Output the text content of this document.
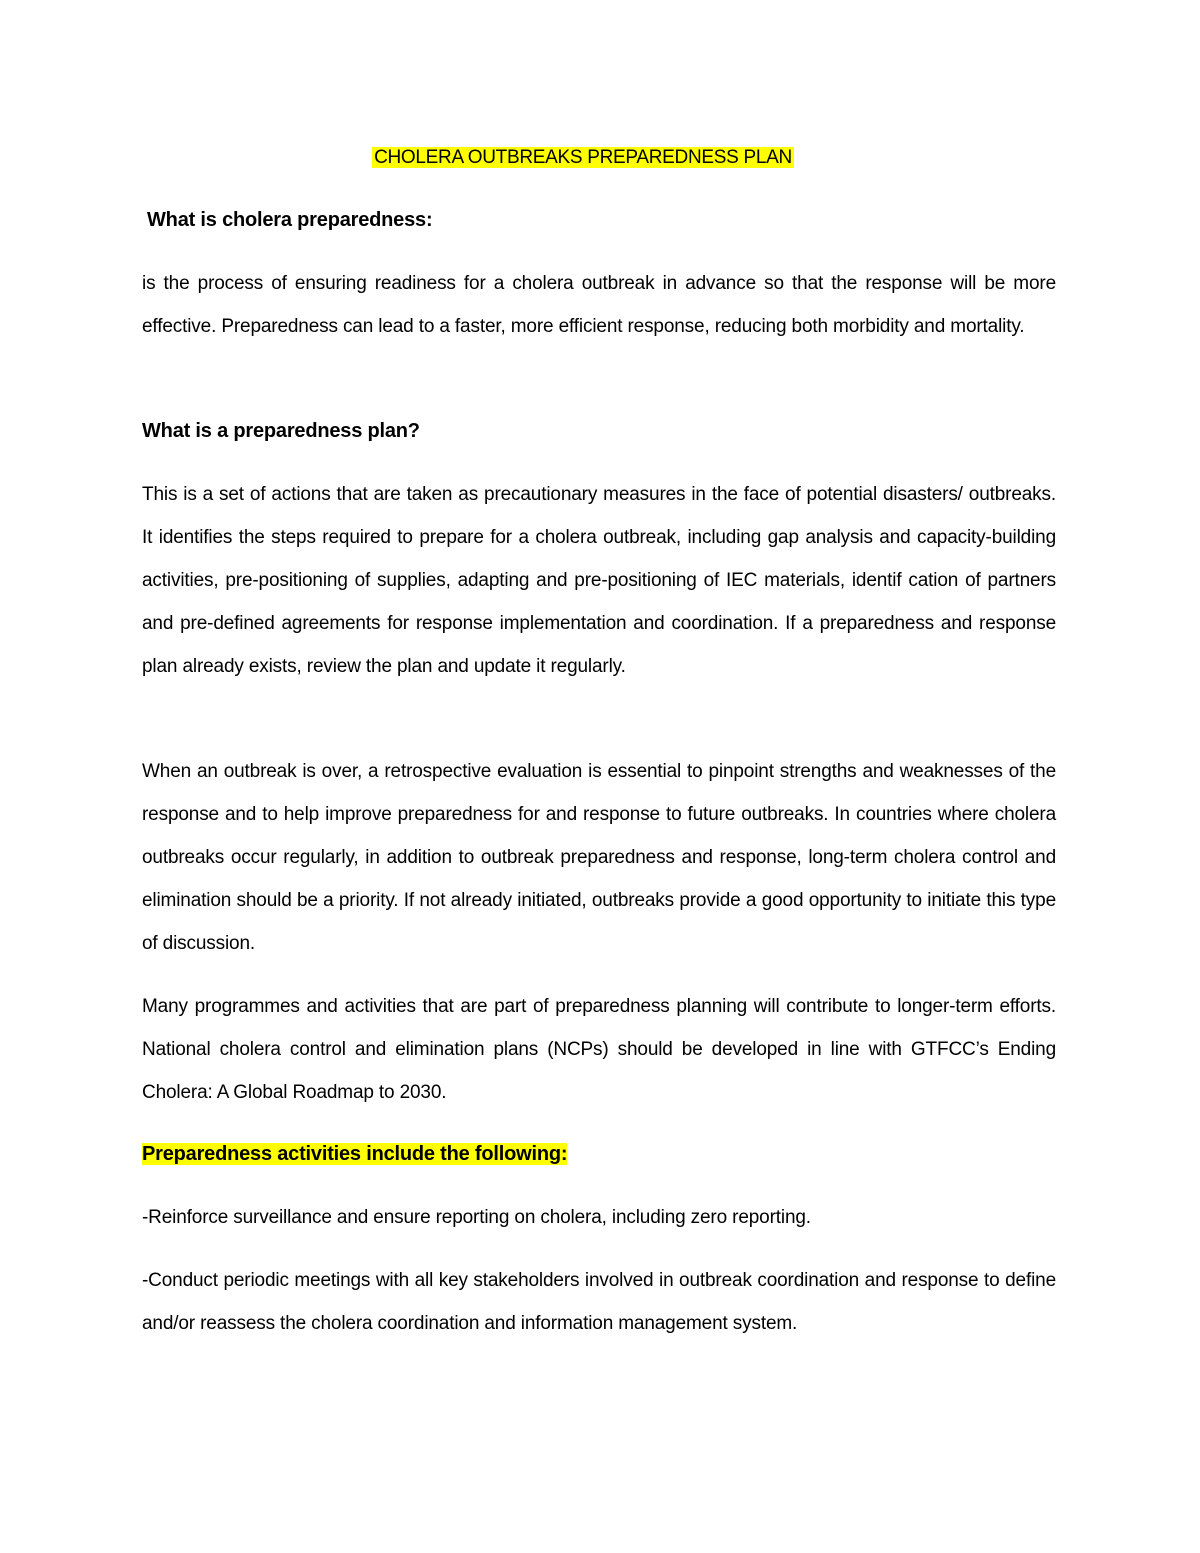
CHOLERA OUTBREAKS PREPAREDNESS PLAN
What is cholera preparedness:
is the process of ensuring readiness for a cholera outbreak in advance so that the response will be more effective. Preparedness can lead to a faster, more efficient response, reducing both morbidity and mortality.
What is a preparedness plan?
This is a set of actions that are taken as precautionary measures in the face of potential disasters/ outbreaks. It identifies the steps required to prepare for a cholera outbreak, including gap analysis and capacity-building activities, pre-positioning of supplies, adapting and pre-positioning of IEC materials, identif cation of partners and pre-defined agreements for response implementation and coordination. If a preparedness and response plan already exists, review the plan and update it regularly.
When an outbreak is over, a retrospective evaluation is essential to pinpoint strengths and weaknesses of the response and to help improve preparedness for and response to future outbreaks. In countries where cholera outbreaks occur regularly, in addition to outbreak preparedness and response, long-term cholera control and elimination should be a priority. If not already initiated, outbreaks provide a good opportunity to initiate this type of discussion.
Many programmes and activities that are part of preparedness planning will contribute to longer-term efforts. National cholera control and elimination plans (NCPs) should be developed in line with GTFCC’s Ending Cholera: A Global Roadmap to 2030.
Preparedness activities include the following:
-Reinforce surveillance and ensure reporting on cholera, including zero reporting.
-Conduct periodic meetings with all key stakeholders involved in outbreak coordination and response to define and/or reassess the cholera coordination and information management system.
